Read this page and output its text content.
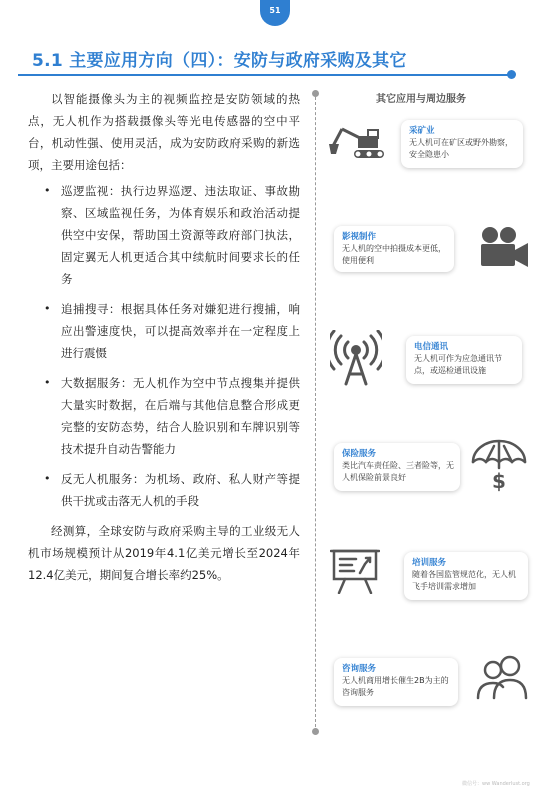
51
5.1 主要应用方向（四）：安防与政府采购及其它

以智能摄像头为主的视频监控是安防领域的热点，无人机作为搭载摄像头等光电传感器的空中平台，机动性强、使用灵活，成为安防政府采购的新选项，主要用途包括：

• 巡逻监视：执行边界巡逻、违法取证、事故勘察、区域监视任务，为体育娱乐和政治活动提供空中安保，帮助国土资源等政府部门执法，固定翼无人机更适合其中续航时间要求长的任务
• 追捕搜寻：根据具体任务对嫌犯进行搜捕，响应出警速度快，可以提高效率并在一定程度上进行震慑
• 大数据服务：无人机作为空中节点搜集并提供大量实时数据，在后端与其他信息整合形成更完整的安防态势，结合人脸识别和车牌识别等技术提升自动告警能力
• 反无人机服务：为机场、政府、私人财产等提供干扰或击落无人机的手段

经测算，全球安防与政府采购主导的工业级无人机市场规模预计从2019年4.1亿美元增长至2024年12.4亿美元，期间复合增长率约25%。

其它应用与周边服务
采矿业
无人机可在矿区或野外勘察，安全隐患小
影视制作
无人机的空中拍摄成本更低，使用便利
电信通讯
无人机可作为应急通讯节点，或巡检通讯设施
保险服务
类比汽车责任险、三者险等，无人机保险前景良好	$
培训服务
随着各国监管规范化，无人机飞手培训需求增加
咨询服务
无人机商用增长催生2B为主的咨询服务
微信号：ww Wanderlust.org
